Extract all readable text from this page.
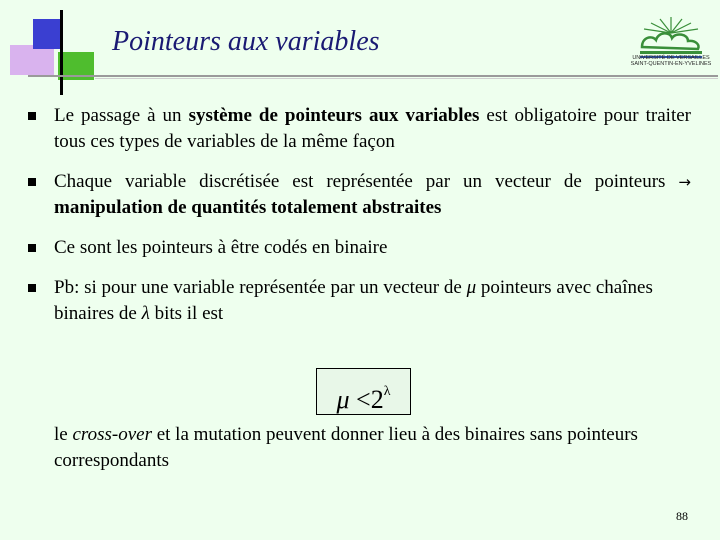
Pointeurs aux variables
UNIVERSITÉ DE VERSAILLES
SAINT-QUENTIN-EN-YVELINES
Le passage à un système de pointeurs aux variables est obligatoire pour traiter tous ces types de variables de la même façon
Chaque variable discrétisée est représentée par un vecteur de pointeurs → manipulation de quantités totalement abstraites
Ce sont les pointeurs à être codés en binaire
Pb: si pour une variable représentée par un vecteur de μ pointeurs avec chaînes binaires de λ bits il est
$\mu <2^\lambda$
le cross-over et la mutation peuvent donner lieu à des binaires sans pointeurs correspondants
88
